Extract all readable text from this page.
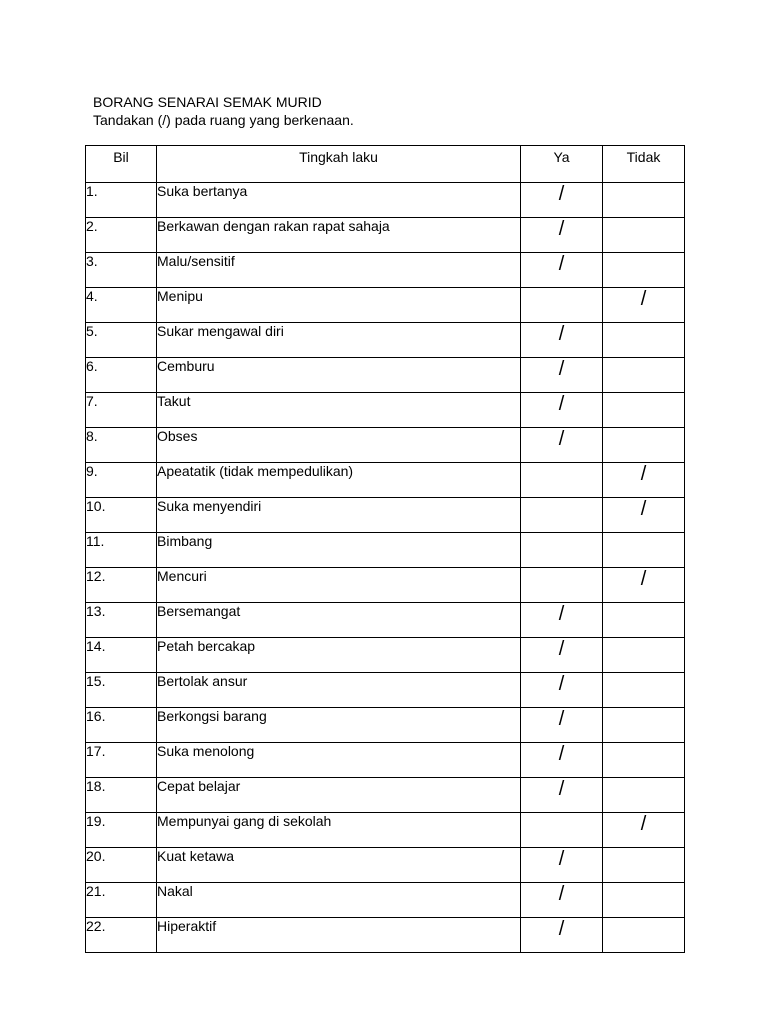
BORANG SENARAI SEMAK MURID
Tandakan (/) pada ruang yang berkenaan.
Bil	Tingkah laku	Ya	Tidak
1.	Suka bertanya	/	
2.	Berkawan dengan rakan rapat sahaja	/	
3.	Malu/sensitif	/	
4.	Menipu		/
5.	Sukar mengawal diri	/	
6.	Cemburu	/	
7.	Takut	/	
8.	Obses	/	
9.	Apeatatik (tidak mempedulikan)		/
10.	Suka menyendiri		/
11.	Bimbang		
12.	Mencuri		/
13.	Bersemangat	/	
14.	Petah bercakap	/	
15.	Bertolak ansur	/	
16.	Berkongsi barang	/	
17.	Suka menolong	/	
18.	Cepat belajar	/	
19.	Mempunyai gang di sekolah		/
20.	Kuat ketawa	/	
21.	Nakal	/	
22.	Hiperaktif	/	
